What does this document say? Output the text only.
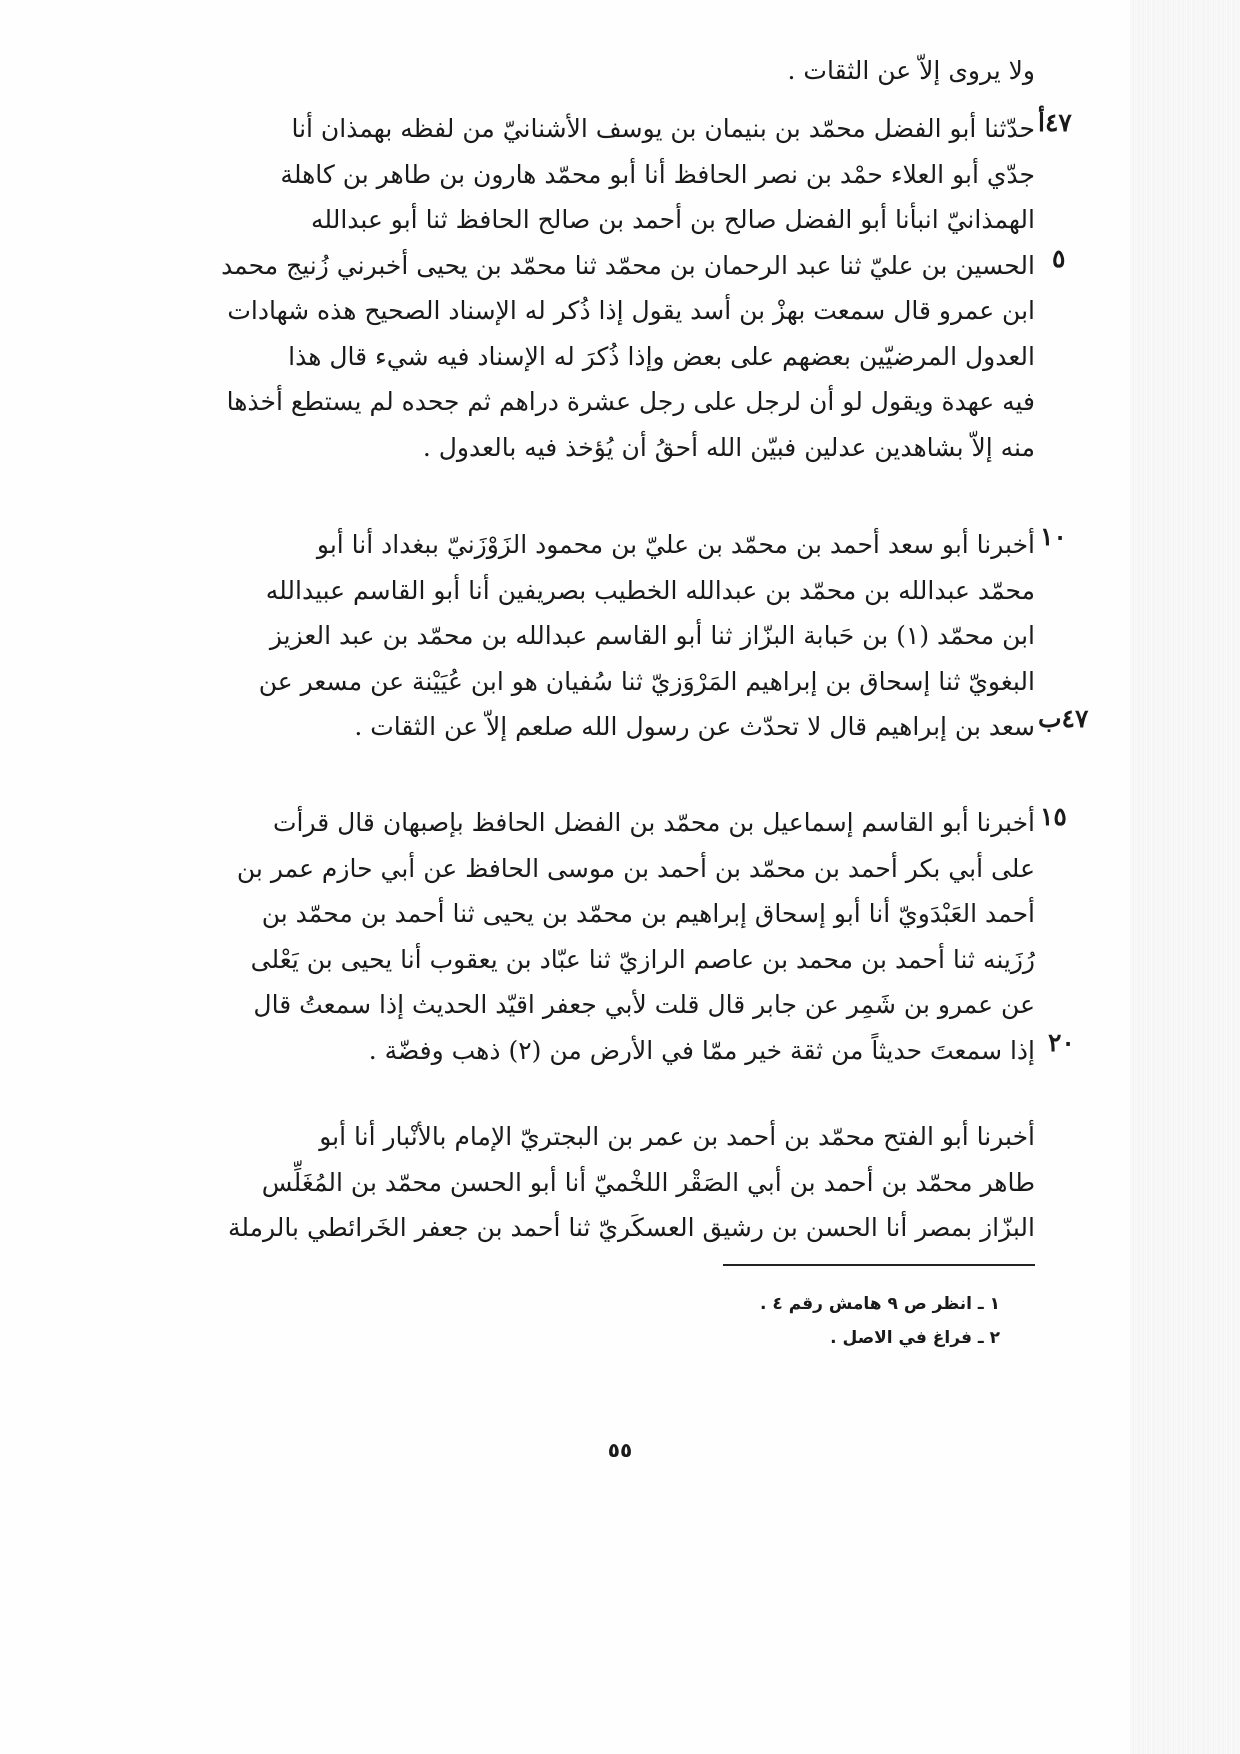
ولا يروى إلاّ عن الثقات .
حدّثنا أبو الفضل محمّد بن بنيمان بن يوسف الأشنانيّ من لفظه بهمذان أنا
جدّي أبو العلاء حمْد بن نصر الحافظ أنا أبو محمّد هارون بن طاهر بن كاهلة
الهمذانيّ انبأنا أبو الفضل صالح بن أحمد بن صالح الحافظ ثنا أبو عبدالله
الحسين بن عليّ ثنا عبد الرحمان بن محمّد ثنا محمّد بن يحيى أخبرني زُنيج محمد
ابن عمرو قال سمعت بهزْ بن أسد يقول إذا ذُكر له الإسناد الصحيح هذه شهادات
العدول المرضيّين بعضهم على بعض وإذا ذُكرَ له الإسناد فيه شيء قال هذا
فيه عهدة ويقول لو أن لرجل على رجل عشرة دراهم ثم جحده لم يستطع أخذها
منه إلاّ بشاهدين عدلين فبيّن الله أحقُ أن يُؤخذ فيه بالعدول .
أخبرنا أبو سعد أحمد بن محمّد بن عليّ بن محمود الزَوْزَنيّ ببغداد أنا أبو
محمّد عبدالله بن محمّد بن عبدالله الخطيب بصريفين أنا أبو القاسم عبيدالله
ابن محمّد (١) بن حَبابة البزّاز ثنا أبو القاسم عبدالله بن محمّد بن عبد العزيز
البغويّ ثنا إسحاق بن إبراهيم المَرْوَزيّ ثنا سُفيان هو ابن عُيَيْنة عن مسعر عن
سعد بن إبراهيم قال لا تحدّث عن رسول الله صلعم إلاّ عن الثقات .
أخبرنا أبو القاسم إسماعيل بن محمّد بن الفضل الحافظ بإصبهان قال قرأت
على أبي بكر أحمد بن محمّد بن أحمد بن موسى الحافظ عن أبي حازم عمر بن
أحمد العَبْدَويّ أنا أبو إسحاق إبراهيم بن محمّد بن يحيى ثنا أحمد بن محمّد بن
رُزَينه ثنا أحمد بن محمد بن عاصم الرازيّ ثنا عبّاد بن يعقوب أنا يحيى بن يَعْلى
عن عمرو بن شَمِر عن جابر قال قلت لأبي جعفر اقيّد الحديث إذا سمعتُ قال
إذا سمعتَ حديثاً من ثقة خير ممّا في الأرض من (٢) ذهب وفضّة .
أخبرنا أبو الفتح محمّد بن أحمد بن عمر بن البجتريّ الإمام بالأنْبار أنا أبو
طاهر محمّد بن أحمد بن أبي الصَقْر اللخْميّ أنا أبو الحسن محمّد بن المُغَلِّس
البزّاز بمصر أنا الحسن بن رشيق العسكَريّ ثنا أحمد بن جعفر الخَرائطي بالرملة
٤٧أ
٥
١٠
٤٧ب
١٥
٢٠
١ ـ انظر ص ٩ هامش رقم ٤ .
٢ ـ فراغ في الاصل .
٥٥
